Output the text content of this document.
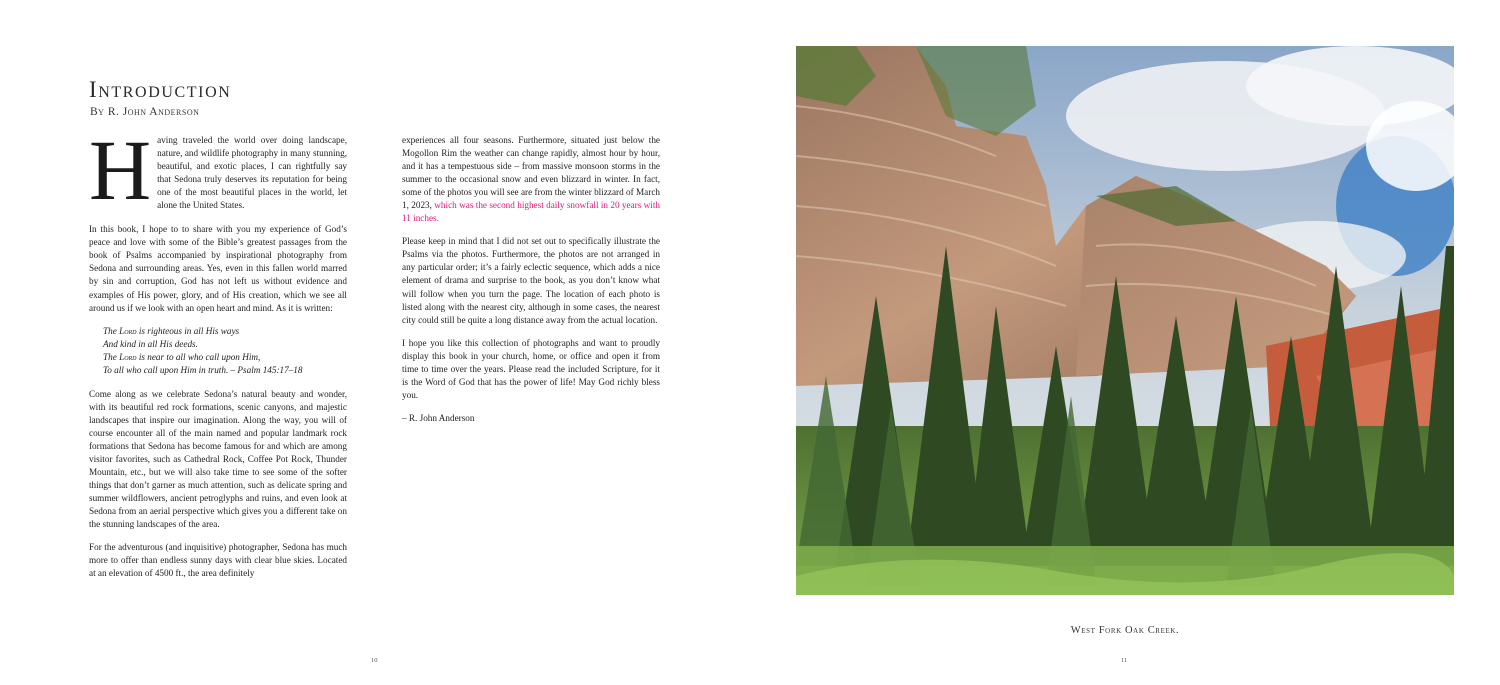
Introduction
By R. John Anderson

Having traveled the world over doing landscape, nature, and wildlife photography in many stunning, beautiful, and exotic places, I can rightfully say that Sedona truly deserves its reputation for being one of the most beautiful places in the world, let alone the United States.

In this book, I hope to to share with you my experience of God’s peace and love with some of the Bible’s greatest passages from the book of Psalms accompanied by inspirational photography from Sedona and surrounding areas. Yes, even in this fallen world marred by sin and corruption, God has not left us without evidence and examples of His power, glory, and of His creation, which we see all around us if we look with an open heart and mind. As it is written:

The Lord is righteous in all His ways
And kind in all His deeds.
The Lord is near to all who call upon Him,
To all who call upon Him in truth. – Psalm 145:17–18

Come along as we celebrate Sedona’s natural beauty and wonder, with its beautiful red rock formations, scenic canyons, and majestic landscapes that inspire our imagination. Along the way, you will of course encounter all of the main named and popular landmark rock formations that Sedona has become famous for and which are among visitor favorites, such as Cathedral Rock, Coffee Pot Rock, Thunder Mountain, etc., but we will also take time to see some of the softer things that don’t garner as much attention, such as delicate spring and summer wildflowers, ancient petroglyphs and ruins, and even look at Sedona from an aerial perspective which gives you a different take on the stunning landscapes of the area.

For the adventurous (and inquisitive) photographer, Sedona has much more to offer than endless sunny days with clear blue skies. Located at an elevation of 4500 ft., the area definitely

experiences all four seasons. Furthermore, situated just below the Mogollon Rim the weather can change rapidly, almost hour by hour, and it has a tempestuous side – from massive monsoon storms in the summer to the occasional snow and even blizzard in winter. In fact, some of the photos you will see are from the winter blizzard of March 1, 2023, which was the second highest daily snowfall in 20 years with 11 inches.

Please keep in mind that I did not set out to specifically illustrate the Psalms via the photos. Furthermore, the photos are not arranged in any particular order; it’s a fairly eclectic sequence, which adds a nice element of drama and surprise to the book, as you don’t know what will follow when you turn the page. The location of each photo is listed along with the nearest city, although in some cases, the nearest city could still be quite a long distance away from the actual location.

I hope you like this collection of photographs and want to proudly display this book in your church, home, or office and open it from time to time over the years. Please read the included Scripture, for it is the Word of God that has the power of life! May God richly bless you.

– R. John Anderson

10
West Fork Oak Creek.
11
